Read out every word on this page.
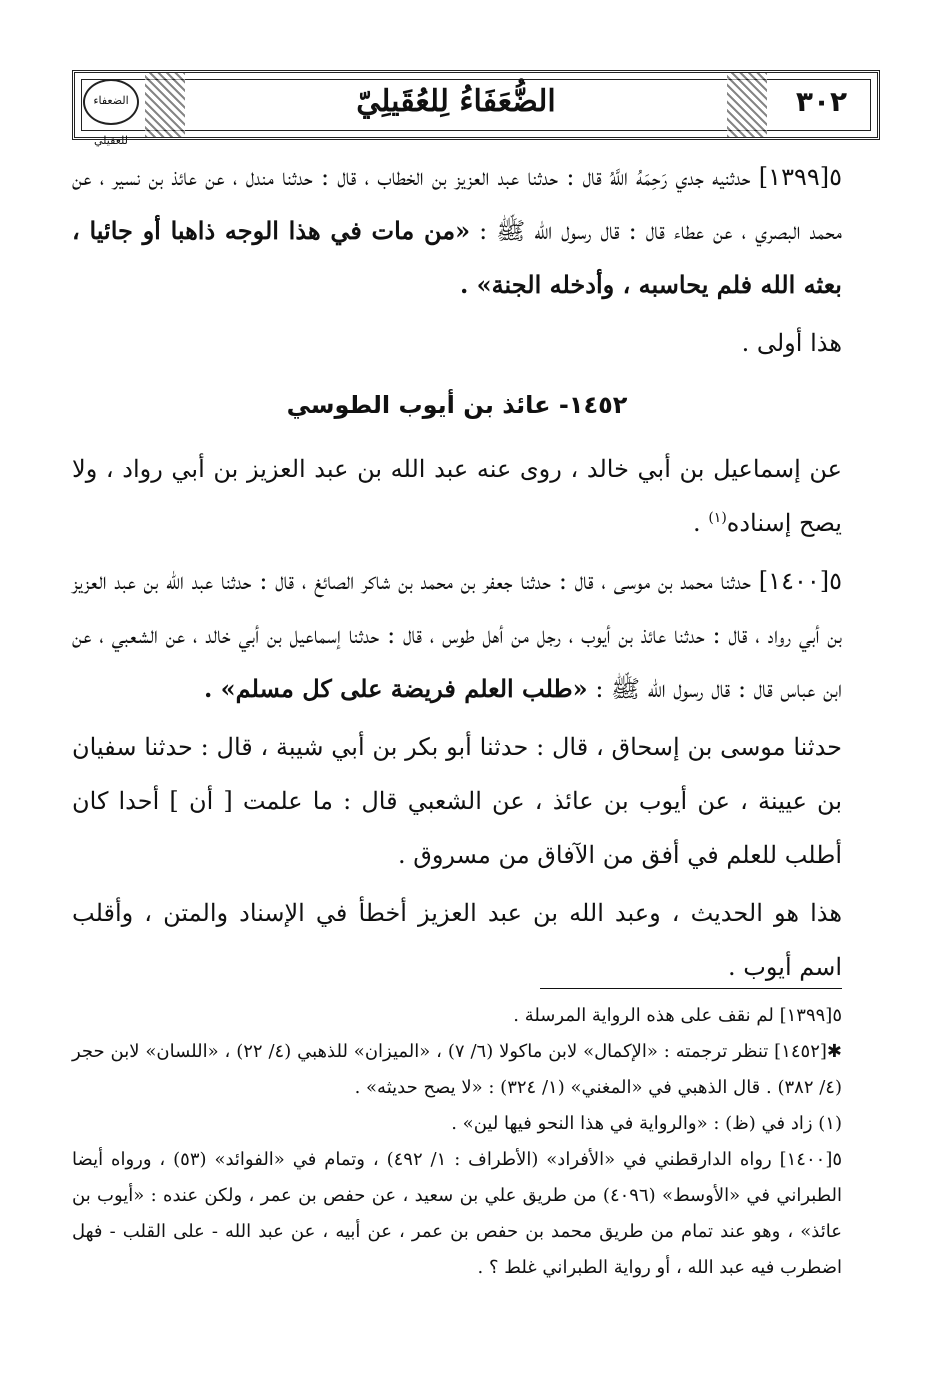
٣٠٢
الضُّعَفَاءُ لِلعُقَيلِيّ
الضعفاء للعقيلي

٥[١٣٩٩] حدثنيه جدي رَحِمَهُ اللَّهُ قال : حدثنا عبد العزيز بن الخطاب ، قال : حدثنا مندل ، عن عائذ بن نسير ، عن محمد البصري ، عن عطاء قال : قال رسول الله ﷺ : «من مات في هذا الوجه ذاهبا أو جائيا ، بعثه الله فلم يحاسبه ، وأدخله الجنة» .

هذا أولى .

١٤٥٢- عائذ بن أيوب الطوسي

عن إسماعيل بن أبي خالد ، روى عنه عبد الله بن عبد العزيز بن أبي رواد ، ولا يصح إسناده$^{(١)}$ .

٥[١٤٠٠] حدثنا محمد بن موسى ، قال : حدثنا جعفر بن محمد بن شاكر الصائغ ، قال : حدثنا عبد الله بن عبد العزيز بن أبي رواد ، قال : حدثنا عائذ بن أيوب ، رجل من أهل طوس ، قال : حدثنا إسماعيل بن أبي خالد ، عن الشعبي ، عن ابن عباس قال : قال رسول الله ﷺ : «طلب العلم فريضة على كل مسلم» .

حدثنا موسى بن إسحاق ، قال : حدثنا أبو بكر بن أبي شيبة ، قال : حدثنا سفيان بن عيينة ، عن أيوب بن عائذ ، عن الشعبي قال : ما علمت [ أن ] أحدا كان أطلب للعلم في أفق من الآفاق من مسروق .

هذا هو الحديث ، وعبد الله بن عبد العزيز أخطأ في الإسناد والمتن ، وأقلب اسم أيوب .

٥[١٣٩٩] لم نقف على هذه الرواية المرسلة .

✱[١٤٥٢] تنظر ترجمته : «الإكمال» لابن ماكولا (٦/ ٧) ، «الميزان» للذهبي (٤/ ٢٢) ، «اللسان» لابن حجر (٤/ ٣٨٢) . قال الذهبي في «المغني» (١/ ٣٢٤) : «لا يصح حديثه» .

(١) زاد في (ظ) : «والرواية في هذا النحو فيها لين» .

٥[١٤٠٠] رواه الدارقطني في «الأفراد» (الأطراف : ١/ ٤٩٢) ، وتمام في «الفوائد» (٥٣) ، ورواه أيضا الطبراني في «الأوسط» (٤٠٩٦) من طريق علي بن سعيد ، عن حفص بن عمر ، ولكن عنده : «أيوب بن عائذ» ، وهو عند تمام من طريق محمد بن حفص بن عمر ، عن أبيه ، عن عبد الله - على القلب - فهل اضطرب فيه عبد الله ، أو رواية الطبراني غلط ؟ .
